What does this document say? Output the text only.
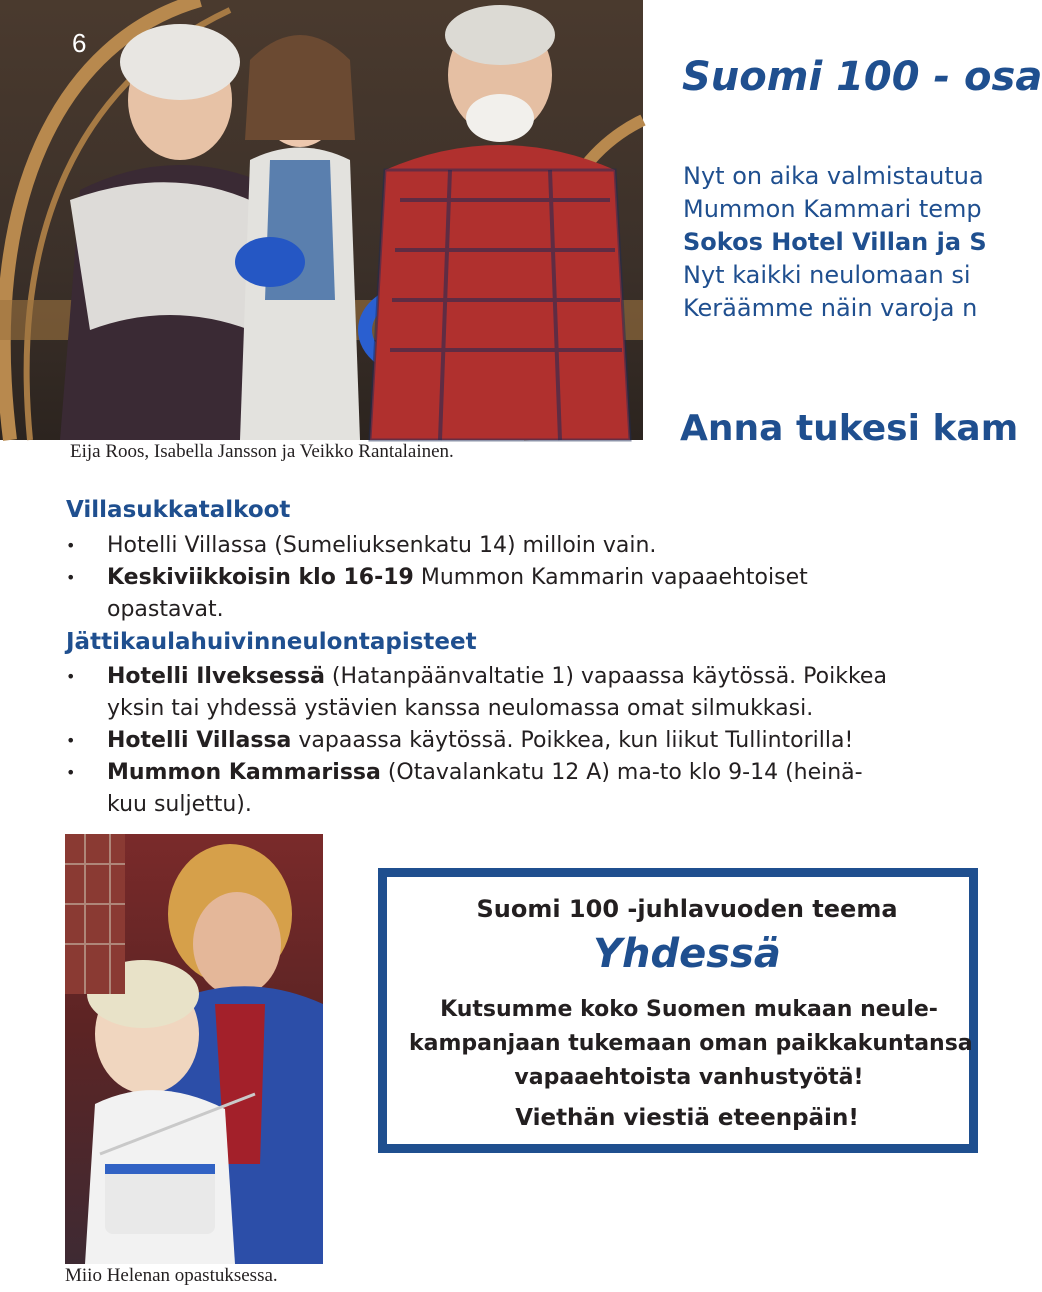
6
Eija Roos, Isabella Jansson ja Veikko Rantalainen.
Suomi 100 - osa
Nyt on aika valmistautua
Mummon Kammari temp
Sokos Hotel Villan ja S
Nyt kaikki neulomaan si
Keräämme näin varoja n
Anna tukesi kam
Villasukkatalkoot
• Hotelli Villassa (Sumeliuksenkatu 14) milloin vain.
• Keskiviikkoisin klo 16-19 Mummon Kammarin vapaaehtoiset opastavat.
Jättikaulahuivinneulontapisteet
• Hotelli Ilveksessä (Hatanpäänvaltatie 1) vapaassa käytössä. Poikkea yksin tai yhdessä ystävien kanssa neulomassa omat silmukkasi.
• Hotelli Villassa vapaassa käytössä. Poikkea, kun liikut Tullintorilla!
• Mummon Kammarissa (Otavalankatu 12 A) ma-to klo 9-14 (heinä-kuu suljettu).
Miio Helenan opastuksessa.
Suomi 100 -juhlavuoden teema
Yhdessä
Kutsumme koko Suomen mukaan neule-
kampanjaan tukemaan oman paikkakuntansa
vapaaehtoista vanhustyötä!
Viethän viestiä eteenpäin!
